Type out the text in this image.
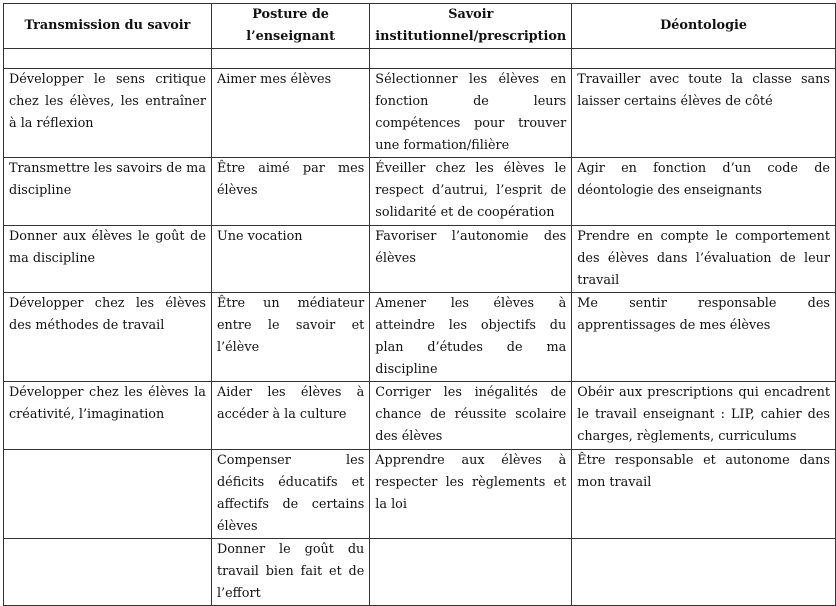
Transmission du savoir	Posture de l’enseignant	Savoir institutionnel/prescription	Déontologie

Développer le sens critique chez les élèves, les entraîner à la réflexion	Aimer mes élèves	Sélectionner les élèves en fonction de leurs compétences pour trouver une formation/filière	Travailler avec toute la classe sans laisser certains élèves de côté
Transmettre les savoirs de ma discipline	Être aimé par mes élèves	Éveiller chez les élèves le respect d’autrui, l’esprit de solidarité et de coopération	Agir en fonction d’un code de déontologie des enseignants
Donner aux élèves le goût de ma discipline	Une vocation	Favoriser l’autonomie des élèves	Prendre en compte le comportement des élèves dans l’évaluation de leur travail
Développer chez les élèves des méthodes de travail	Être un médiateur entre le savoir et l’élève	Amener les élèves à atteindre les objectifs du plan d’études de ma discipline	Me sentir responsable des apprentissages de mes élèves
Développer chez les élèves la créativité, l’imagination	Aider les élèves à accéder à la culture	Corriger les inégalités de chance de réussite scolaire des élèves	Obéir aux prescriptions qui encadrent le travail enseignant : LIP, cahier des charges, règlements, curriculums
	Compenser les déficits éducatifs et affectifs de certains élèves	Apprendre aux élèves à respecter les règlements et la loi	Être responsable et autonome dans mon travail
	Donner le goût du travail bien fait et de l’effort		
